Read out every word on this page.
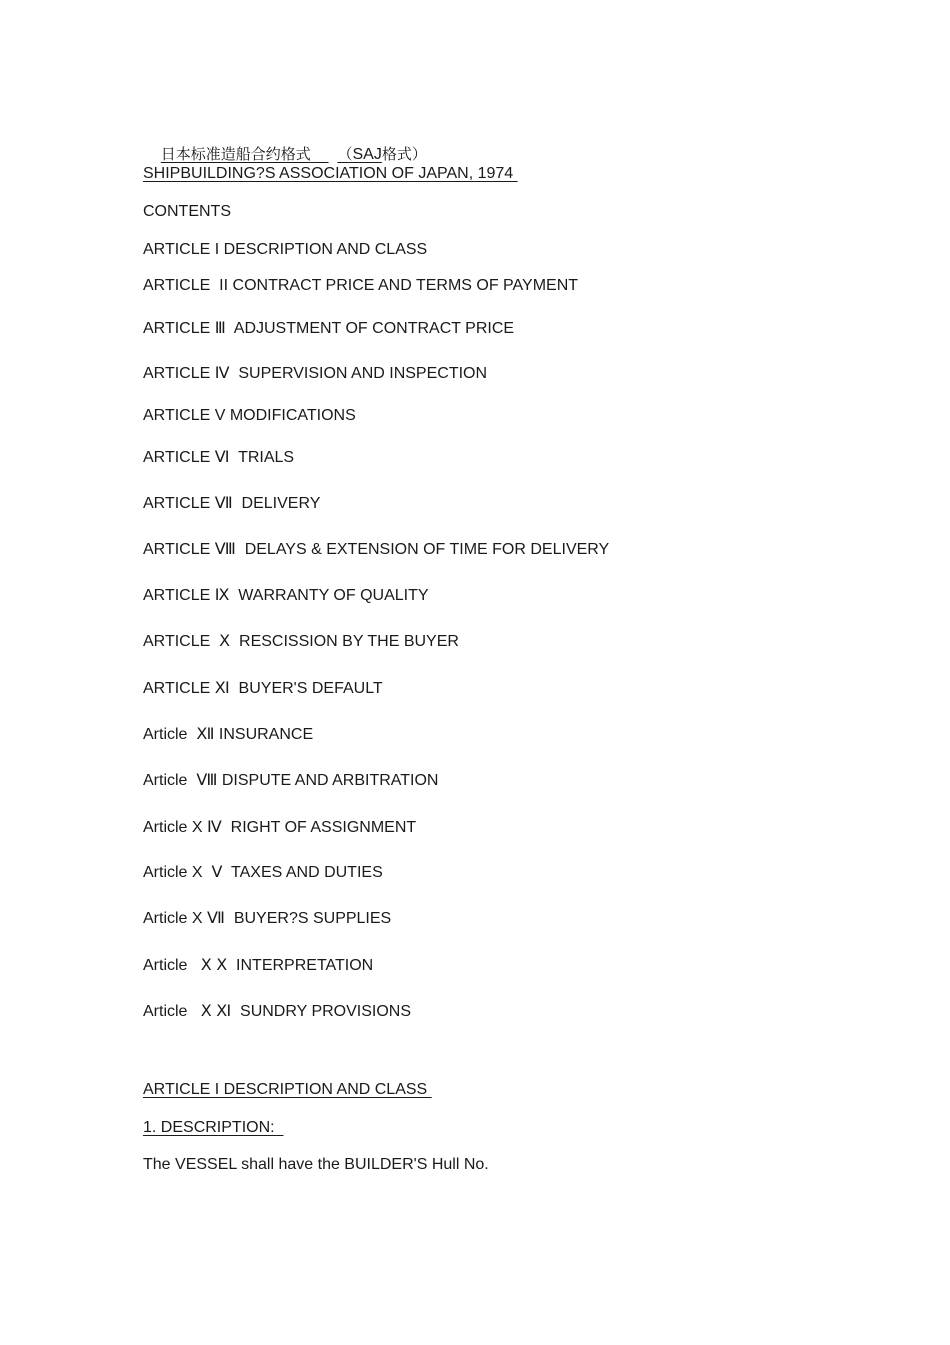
日本标准造船合约格式 （SAJ格式）

SHIPBUILDING?S ASSOCIATION OF JAPAN, 1974
CONTENTS
ARTICLE I DESCRIPTION AND CLASS
ARTICLE  II CONTRACT PRICE AND TERMS OF PAYMENT
ARTICLE Ⅲ  ADJUSTMENT OF CONTRACT PRICE
ARTICLE Ⅳ  SUPERVISION AND INSPECTION
ARTICLE V MODIFICATIONS
ARTICLE Ⅵ  TRIALS
ARTICLE Ⅶ  DELIVERY
ARTICLE Ⅷ  DELAYS & EXTENSION OF TIME FOR DELIVERY
ARTICLE Ⅸ  WARRANTY OF QUALITY
ARTICLE  Ⅹ  RESCISSION BY THE BUYER
ARTICLE Ⅺ  BUYER'S DEFAULT
Article  Ⅻ INSURANCE
Article  Ⅷ DISPUTE AND ARBITRATION
Article X Ⅳ  RIGHT OF ASSIGNMENT
Article X  Ⅴ  TAXES AND DUTIES
Article X Ⅶ  BUYER?S SUPPLIES
Article   Ⅹ Ⅹ  INTERPRETATION
Article   Ⅹ Ⅺ  SUNDRY PROVISIONS
ARTICLE I DESCRIPTION AND CLASS
1. DESCRIPTION:
The VESSEL shall have the BUILDER'S Hull No.
